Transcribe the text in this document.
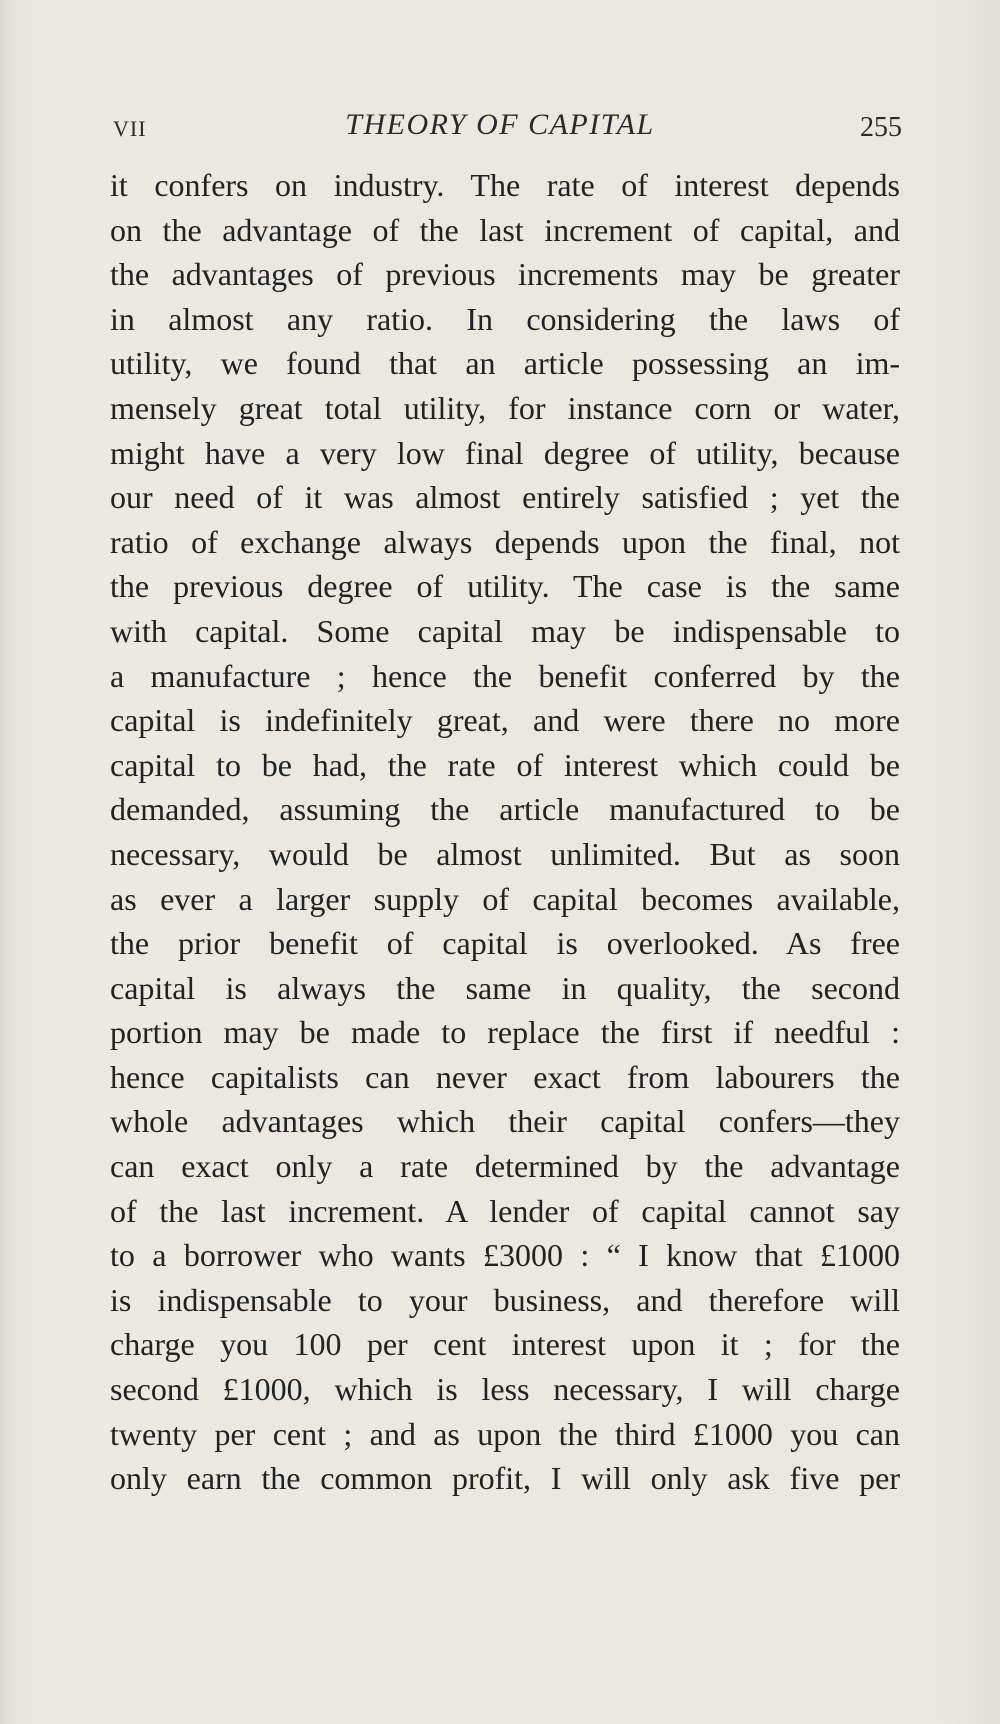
VII	THEORY OF CAPITAL	255
it confers on industry. The rate of interest depends
on the advantage of the last increment of capital, and
the advantages of previous increments may be greater
in almost any ratio. In considering the laws of
utility, we found that an article possessing an im-
mensely great total utility, for instance corn or water,
might have a very low final degree of utility, because
our need of it was almost entirely satisfied ; yet the
ratio of exchange always depends upon the final, not
the previous degree of utility. The case is the same
with capital. Some capital may be indispensable to
a manufacture ; hence the benefit conferred by the
capital is indefinitely great, and were there no more
capital to be had, the rate of interest which could be
demanded, assuming the article manufactured to be
necessary, would be almost unlimited. But as soon
as ever a larger supply of capital becomes available,
the prior benefit of capital is overlooked. As free
capital is always the same in quality, the second
portion may be made to replace the first if needful :
hence capitalists can never exact from labourers the
whole advantages which their capital confers—they
can exact only a rate determined by the advantage
of the last increment. A lender of capital cannot say
to a borrower who wants £3000 : “ I know that £1000
is indispensable to your business, and therefore will
charge you 100 per cent interest upon it ; for the
second £1000, which is less necessary, I will charge
twenty per cent ; and as upon the third £1000 you can
only earn the common profit, I will only ask five per
